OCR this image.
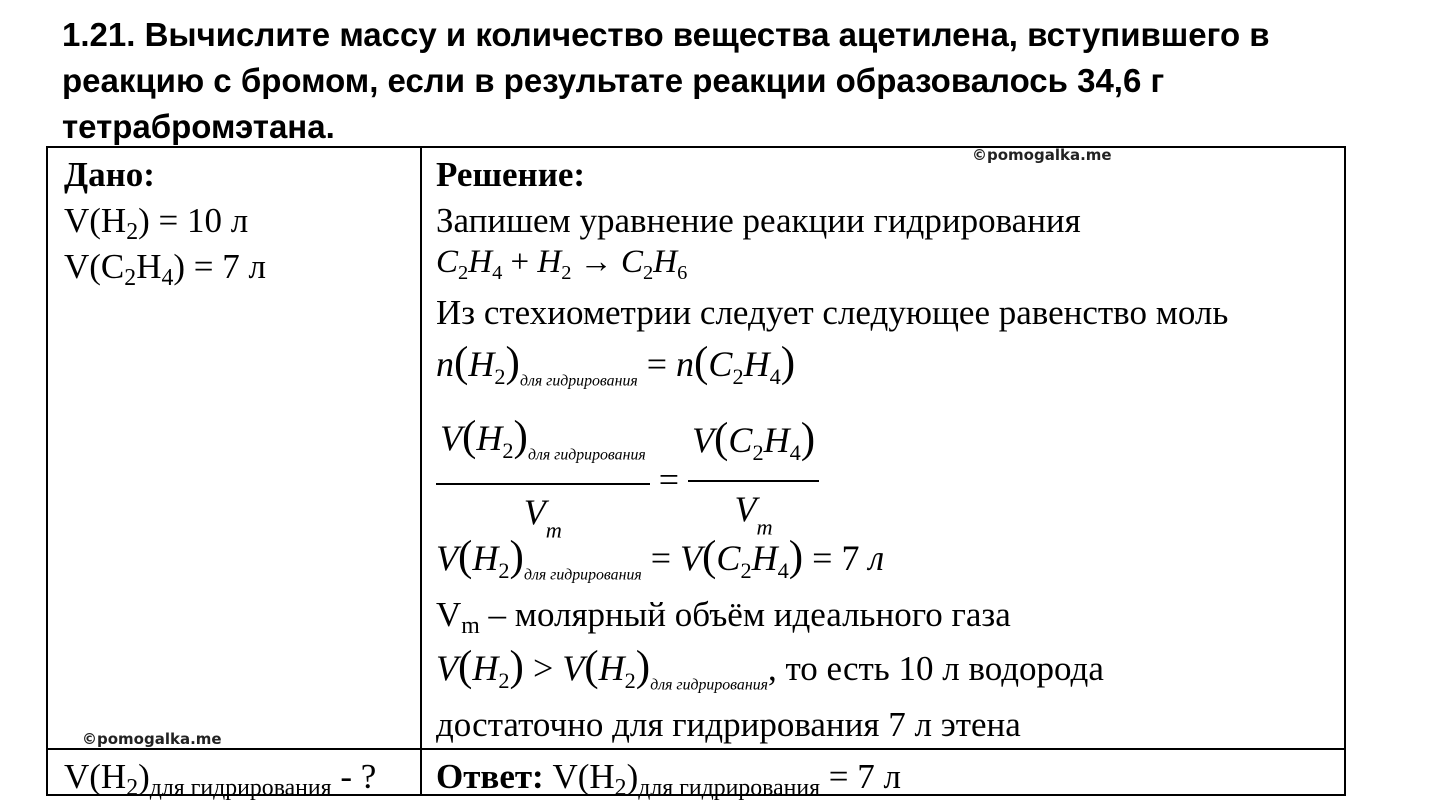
1.21. Вычислите массу и количество вещества ацетилена, вступившего в реакцию с бромом, если в результате реакции образовалось 34,6 г тетрабромэтана.
Дано:
$V(H_2) = 10$ л
$V(C_2H_4) = 7$ л
©pomogalka.me
$V(H_2)_{для гидрирования}$ - ?
©pomogalka.me
Решение:
Запишем уравнение реакции гидрирования
$C_2H_4 + H_2 \to C_2H_6$
Из стехиометрии следует следующее равенство моль
$n(H_2)_{для гидрирования} = n(C_2H_4)$
$\frac{V(H_2)_{для гидрирования}}{V_m} = \frac{V(C_2H_4)}{V_m}$
$V(H_2)_{для гидрирования} = V(C_2H_4) = 7$ л
$V_m$ – молярный объём идеального газа
$V(H_2) > V(H_2)_{для гидрирования}$, то есть 10 л водорода
достаточно для гидрирования 7 л этена
Ответ: $V(H_2)_{для гидрирования} = 7$ л
